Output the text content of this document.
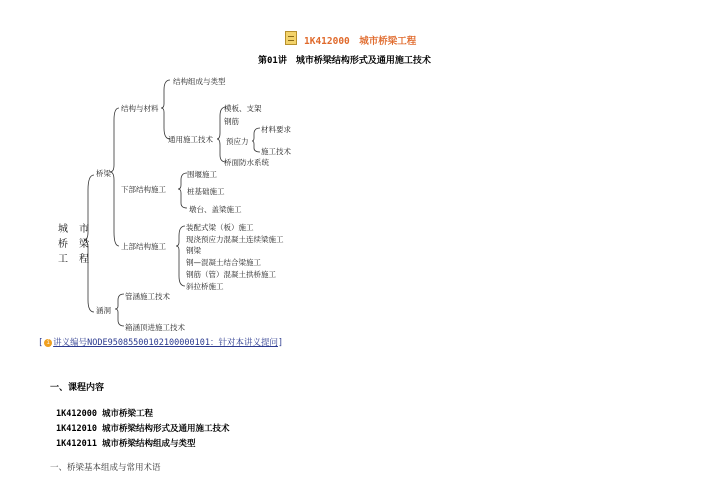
1K412000　城市桥梁工程
第01讲　城市桥梁结构形式及通用施工技术
城 市
桥 梁
工 程
桥梁
涵洞
结构与材料
下部结构施工
上部结构施工
结构组成与类型
通用施工技术
模板、支架
钢筋
预应力
桥面防水系统
材料要求
施工技术
围堰施工
桩基础施工
墩台、盖梁施工
装配式梁（板）施工
现浇预应力混凝土连续梁施工
钢梁
钢—混凝土结合梁施工
钢筋（管）混凝土拱桥施工
斜拉桥施工
管涵施工技术
箱涵顶进施工技术
[ i 讲义编号NODE95085500102100000101：针对本讲义提问]
一、课程内容
1K412000 城市桥梁工程
1K412010 城市桥梁结构形式及通用施工技术
1K412011 城市桥梁结构组成与类型
一、桥梁基本组成与常用术语
